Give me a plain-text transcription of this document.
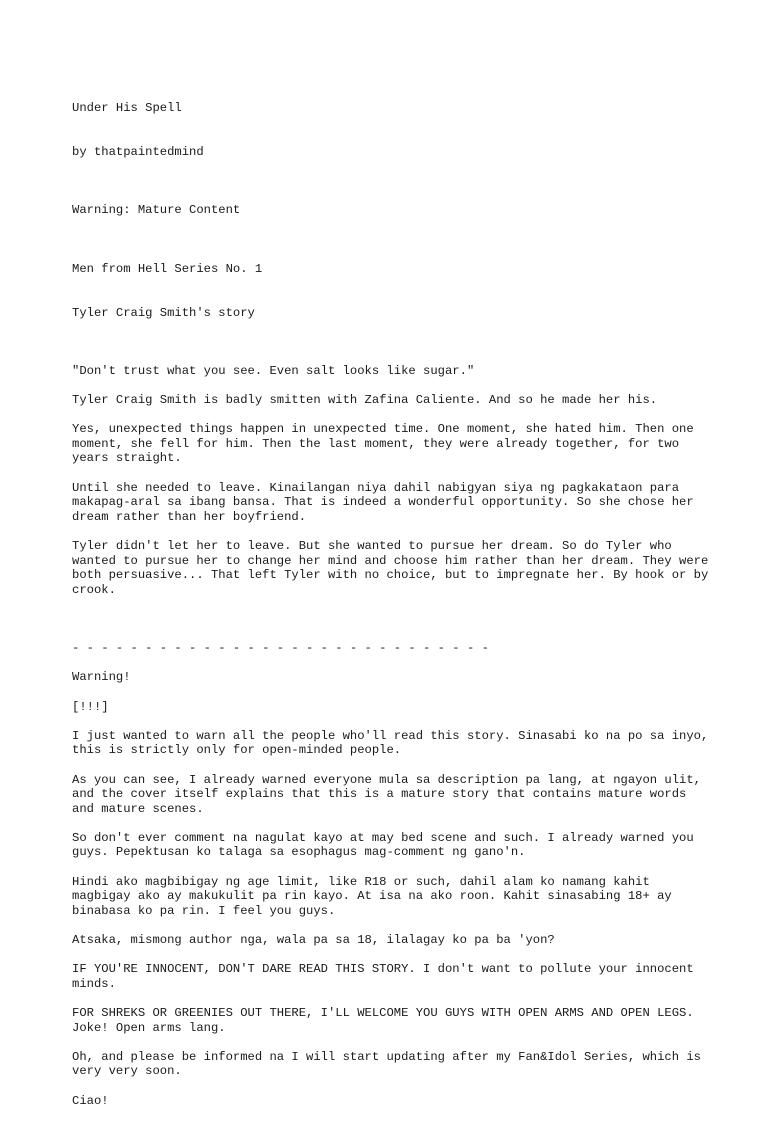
Under His Spell

by thatpaintedmind

Warning: Mature Content

Men from Hell Series No. 1

Tyler Craig Smith's story

"Don't trust what you see. Even salt looks like sugar."
Tyler Craig Smith is badly smitten with Zafina Caliente. And so he made her his.
Yes, unexpected things happen in unexpected time. One moment, she hated him. Then one moment, she fell for him. Then the last moment, they were already together, for two years straight.
Until she needed to leave. Kinailangan niya dahil nabigyan siya ng pagkakataon para makapag-aral sa ibang bansa. That is indeed a wonderful opportunity. So she chose her dream rather than her boyfriend.
Tyler didn't let her to leave. But she wanted to pursue her dream. So do Tyler who wanted to pursue her to change her mind and choose him rather than her dream. They were both persuasive... That left Tyler with no choice, but to impregnate her. By hook or by crook.
- - - - - - - - - - - - - - - - - - - - - - - - - - - - -
Warning!
[!!!]
I just wanted to warn all the people who'll read this story. Sinasabi ko na po sa inyo, this is strictly only for open-minded people.
As you can see, I already warned everyone mula sa description pa lang, at ngayon ulit, and the cover itself explains that this is a mature story that contains mature words and mature scenes.
So don't ever comment na nagulat kayo at may bed scene and such. I already warned you guys. Pepektusan ko talaga sa esophagus mag-comment ng gano'n.
Hindi ako magbibigay ng age limit, like R18 or such, dahil alam ko namang kahit magbigay ako ay makukulit pa rin kayo. At isa na ako roon. Kahit sinasabing 18+ ay binabasa ko pa rin. I feel you guys.
Atsaka, mismong author nga, wala pa sa 18, ilalagay ko pa ba 'yon?
IF YOU'RE INNOCENT, DON'T DARE READ THIS STORY. I don't want to pollute your innocent minds.
FOR SHREKS OR GREENIES OUT THERE, I'LL WELCOME YOU GUYS WITH OPEN ARMS AND OPEN LEGS. Joke! Open arms lang.
Oh, and please be informed na I will start updating after my Fan&Idol Series, which is very very soon.
Ciao!
